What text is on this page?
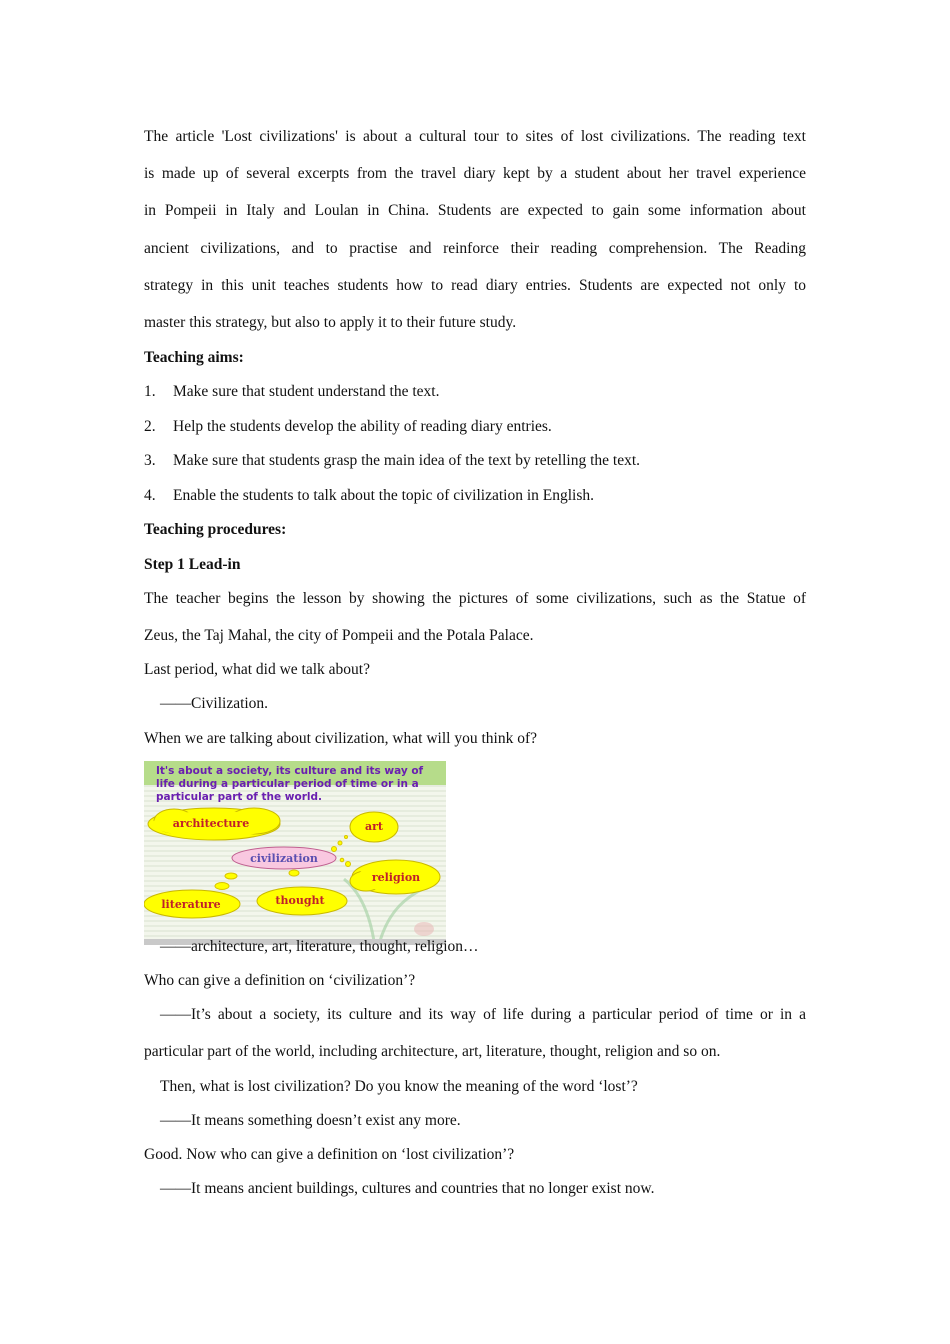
The article 'Lost civilizations' is about a cultural tour to sites of lost civilizations. The reading text
is made up of several excerpts from the travel diary kept by a student about her travel experience
in Pompeii in Italy and Loulan in China. Students are expected to gain some information about
ancient civilizations, and to practise and reinforce their reading comprehension. The Reading
strategy in this unit teaches students how to read diary entries. Students are expected not only to
master this strategy, but also to apply it to their future study.
Teaching aims:
1. Make sure that student understand the text.
2. Help the students develop the ability of reading diary entries.
3. Make sure that students grasp the main idea of the text by retelling the text.
4. Enable the students to talk about the topic of civilization in English.
Teaching procedures:
Step 1 Lead-in
The teacher begins the lesson by showing the pictures of some civilizations, such as the Statue of
Zeus, the Taj Mahal, the city of Pompeii and the Potala Palace.
Last period, what did we talk about?
——Civilization.
When we are talking about civilization, what will you think of?
It's about a society, its culture and its way of life during a particular period of time or in a particular part of the world.
architecture	art
civilization
religion
literature	thought
——architecture, art, literature, thought, religion…
Who can give a definition on ‘civilization’?
——It’s about a society, its culture and its way of life during a particular period of time or in a
particular part of the world, including architecture, art, literature, thought, religion and so on.
Then, what is lost civilization? Do you know the meaning of the word ‘lost’?
——It means something doesn’t exist any more.
Good. Now who can give a definition on ‘lost civilization’?
——It means ancient buildings, cultures and countries that no longer exist now.
